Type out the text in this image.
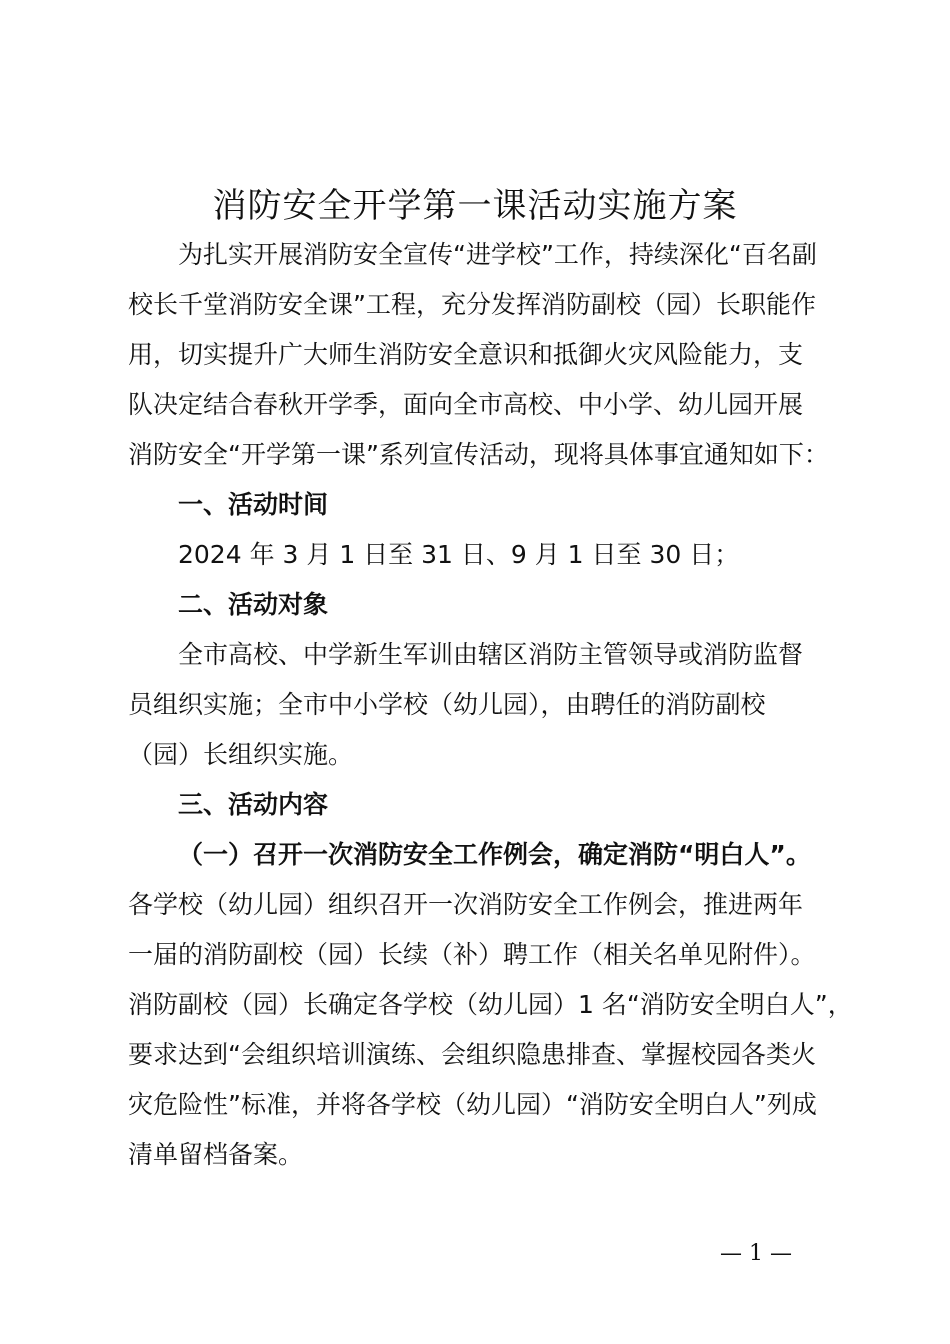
消防安全开学第一课活动实施方案
为扎实开展消防安全宣传“进学校”工作，持续深化“百名副
校长千堂消防安全课”工程，充分发挥消防副校（园）长职能作
用，切实提升广大师生消防安全意识和抵御火灾风险能力，支
队决定结合春秋开学季，面向全市高校、中小学、幼儿园开展
消防安全“开学第一课”系列宣传活动，现将具体事宜通知如下：
一、活动时间
2024 年 3 月 1 日至 31 日、9 月 1 日至 30 日；
二、活动对象
全市高校、中学新生军训由辖区消防主管领导或消防监督
员组织实施；全市中小学校（幼儿园），由聘任的消防副校
（园）长组织实施。
三、活动内容
（一）召开一次消防安全工作例会，确定消防“明白人”。
各学校（幼儿园）组织召开一次消防安全工作例会，推进两年
一届的消防副校（园）长续（补）聘工作（相关名单见附件）。
消防副校（园）长确定各学校（幼儿园）1 名“消防安全明白人”，
要求达到“会组织培训演练、会组织隐患排查、掌握校园各类火
灾危险性”标准，并将各学校（幼儿园）“消防安全明白人”列成
清单留档备案。
— 1 —
